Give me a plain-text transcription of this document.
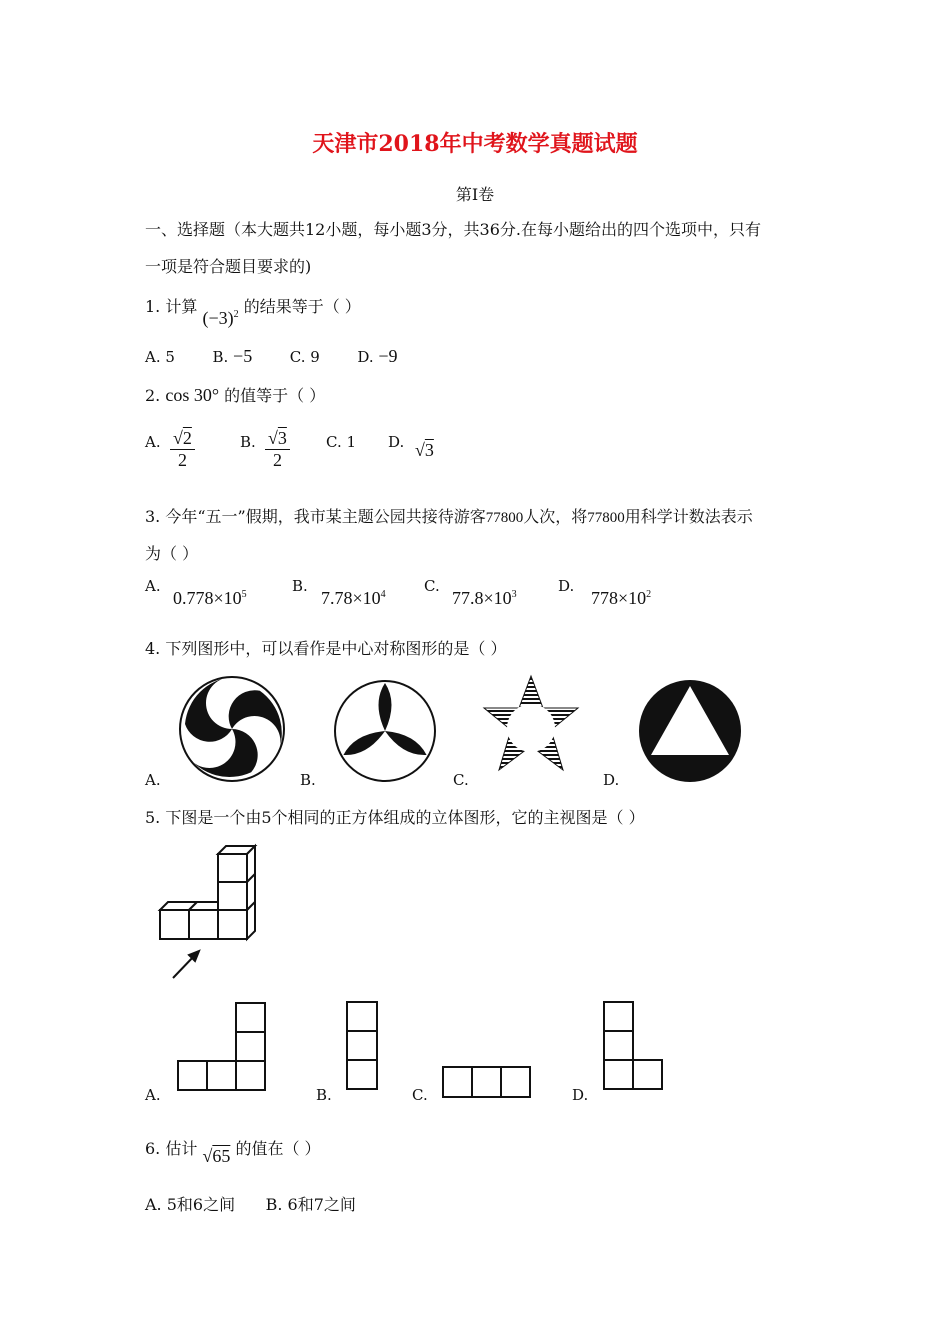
天津市2018年中考数学真题试题
第Ⅰ卷
一、选择题（本大题共12小题，每小题3分，共36分.在每小题给出的四个选项中，只有
一项是符合题目要求的)
1. 计算 $(-3)^2$ 的结果等于（ ）
A. 5	B. −5	C. 9	D. −9
2. cos 30° 的值等于（ ）
A. $\frac{√2}{2}$	B. $\frac{√3}{2} C$. 1 D. √3
3. 今年“五一”假期，我市某主题公园共接待游客77800人次，将77800用科学计数法表示
为（ ）
A.
$0.778\times 10^5$	B.
$7.78\times 10^4$	C.
$77.8\times 10^3$	D.
$778\times 10^2$
4. 下列图形中，可以看作是中心对称图形的是（ ）
A.	B.	C.	D.
5. 下图是一个由5个相同的正方体组成的立体图形，它的主视图是（ ）
A.	B.	C.	D.
6. 估计 √65 的值在（ ）
A. 5和6之间      B. 6和7之间
